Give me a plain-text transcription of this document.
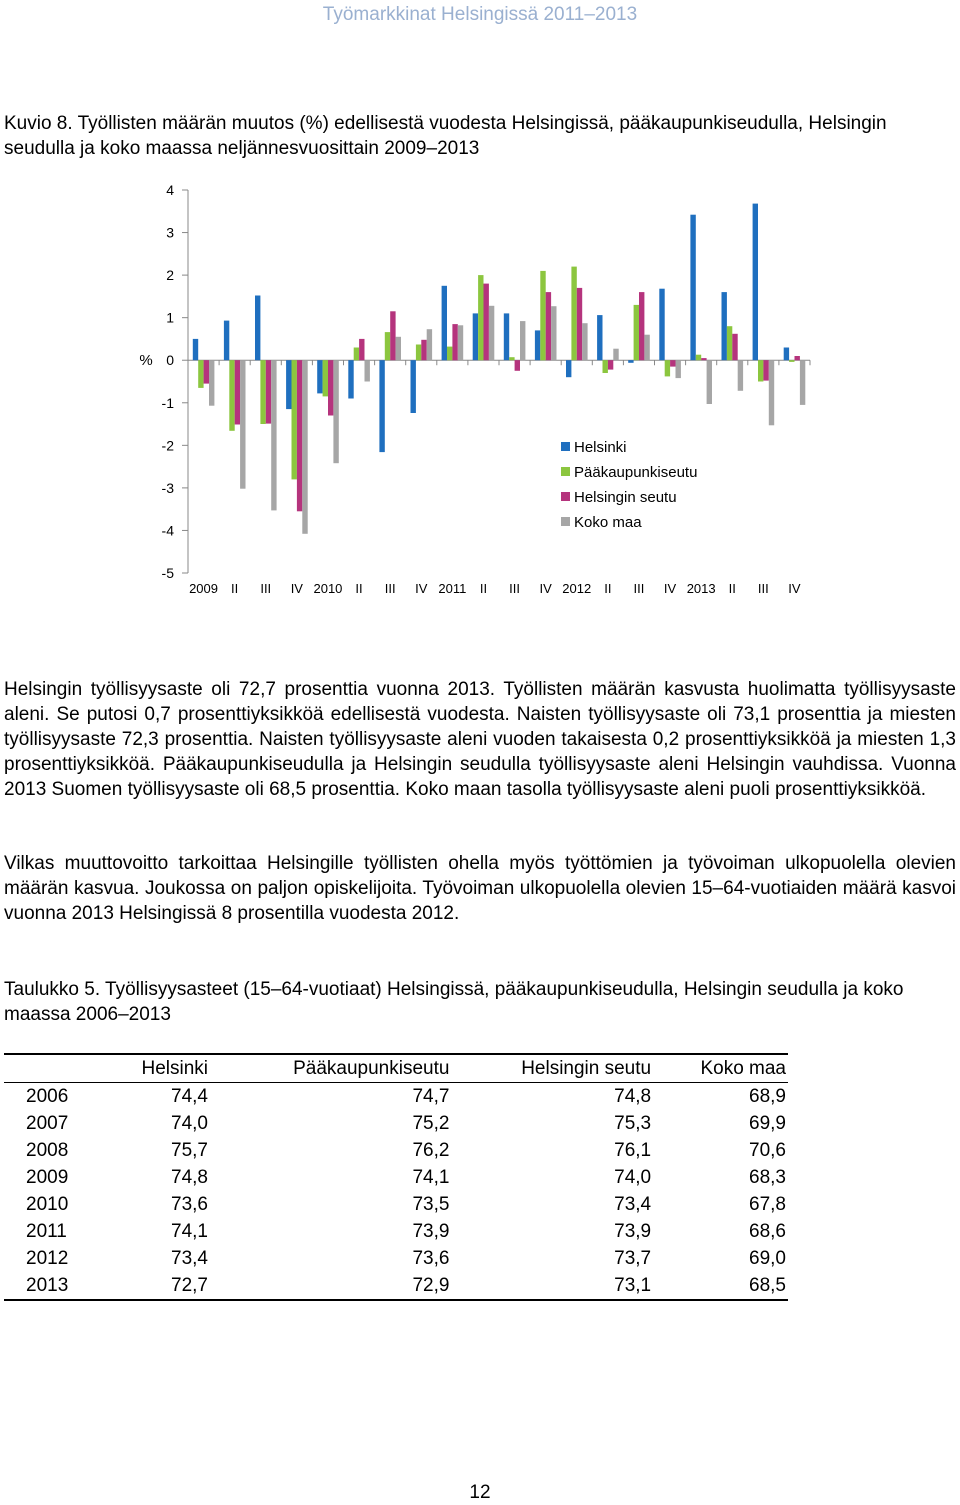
Työmarkkinat Helsingissä 2011–2013
Kuvio 8. Työllisten määrän muutos (%) edellisestä vuodesta Helsingissä, pääkaupunkiseudulla, Helsingin seudulla ja koko maassa neljännesvuosittain 2009–2013
4
3
2
1
0
-1
-2
-3
-4
-5
%
2009 II III IV 2010 II III IV 2011 II III IV 2012 II III IV 2013 II III IV
Helsinki
Pääkaupunkiseutu
Helsingin seutu
Koko maa

Helsingin työllisyysaste oli 72,7 prosenttia vuonna 2013. Työllisten määrän kasvusta huolimatta työllisyysaste aleni. Se putosi 0,7 prosenttiyksikköä edellisestä vuodesta. Naisten työllisyysaste oli 73,1 prosenttia ja miesten työllisyysaste 72,3 prosenttia. Naisten työllisyysaste aleni vuoden takaisesta 0,2 prosenttiyksikköä ja miesten 1,3 prosenttiyksikköä. Pääkaupunkiseudulla ja Helsingin seudulla työllisyysaste aleni Helsingin vauhdissa. Vuonna 2013 Suomen työllisyysaste oli 68,5 prosenttia. Koko maan tasolla työllisyysaste aleni puoli prosenttiyksikköä.

Vilkas muuttovoitto tarkoittaa Helsingille työllisten ohella myös työttömien ja työvoiman ulkopuolella olevien määrän kasvua. Joukossa on paljon opiskelijoita. Työvoiman ulkopuolella olevien 15–64-vuotiaiden määrä kasvoi vuonna 2013 Helsingissä 8 prosentilla vuodesta 2012.

Taulukko 5. Työllisyysasteet (15–64-vuotiaat) Helsingissä, pääkaupunkiseudulla, Helsingin seudulla ja koko maassa 2006–2013
	Helsinki	Pääkaupunkiseutu	Helsingin seutu	Koko maa
2006	74,4	74,7	74,8	68,9
2007	74,0	75,2	75,3	69,9
2008	75,7	76,2	76,1	70,6
2009	74,8	74,1	74,0	68,3
2010	73,6	73,5	73,4	67,8
2011	74,1	73,9	73,9	68,6
2012	73,4	73,6	73,7	69,0
2013	72,7	72,9	73,1	68,5
12
